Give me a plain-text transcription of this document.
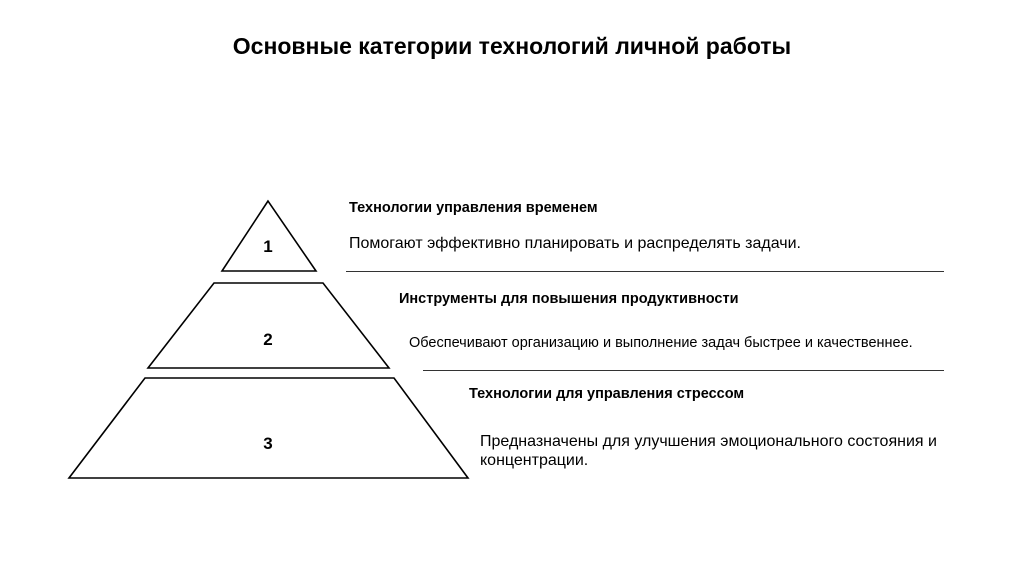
Основные категории технологий личной работы
1
2
3
Технологии управления временем
Помогают эффективно планировать и распределять задачи.
Инструменты для повышения продуктивности
Обеспечивают организацию и выполнение задач быстрее и качественнее.
Технологии для управления стрессом
Предназначены для улучшения эмоционального состояния и концентрации.
